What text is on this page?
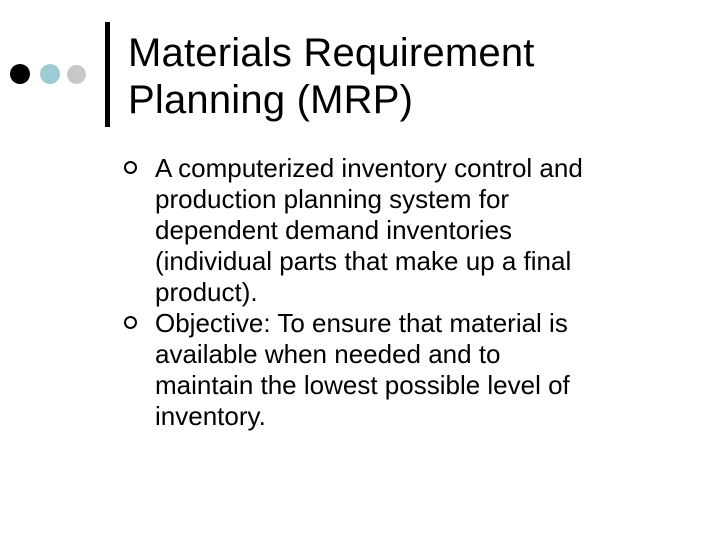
Materials Requirement
Planning (MRP)
A computerized inventory control and
production planning system for
dependent demand inventories
(individual parts that make up a final
product).
Objective: To ensure that material is
available when needed and to
maintain the lowest possible level of
inventory.
